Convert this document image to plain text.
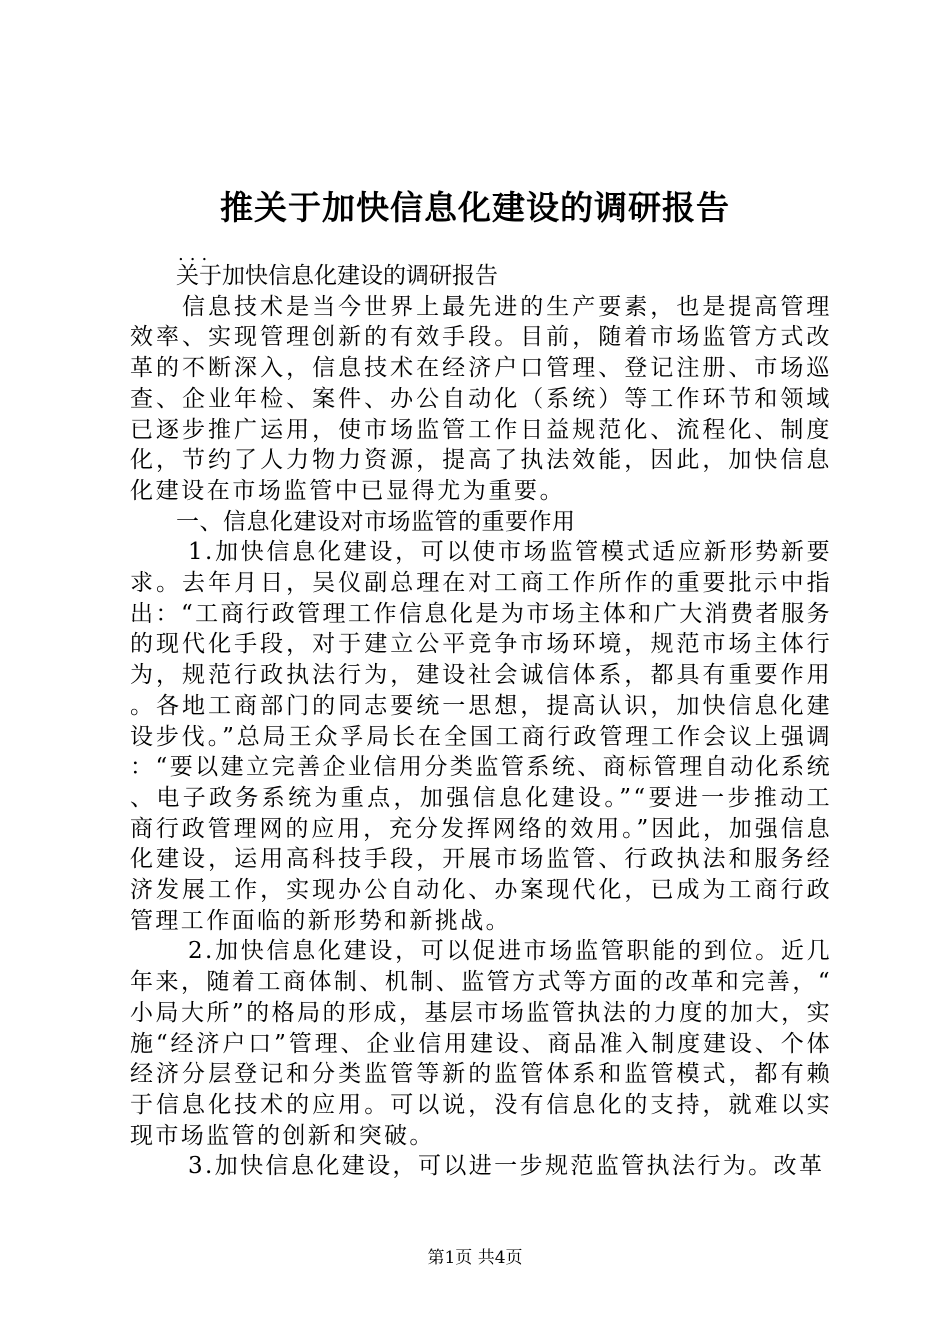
推关于加快信息化建设的调研报告
...

关于加快信息化建设的调研报告

信息技术是当今世界上最先进的生产要素，也是提高管理效率、实现管理创新的有效手段。目前，随着市场监管方式改革的不断深入，信息技术在经济户口管理、登记注册、市场巡查、企业年检、案件、办公自动化（系统）等工作环节和领域已逐步推广运用，使市场监管工作日益规范化、流程化、制度化，节约了人力物力资源，提高了执法效能，因此，加快信息化建设在市场监管中已显得尤为重要。

一、信息化建设对市场监管的重要作用

1.加快信息化建设，可以使市场监管模式适应新形势新要求。去年月日，吴仪副总理在对工商工作所作的重要批示中指出：“工商行政管理工作信息化是为市场主体和广大消费者服务的现代化手段，对于建立公平竞争市场环境，规范市场主体行为，规范行政执法行为，建设社会诚信体系，都具有重要作用。各地工商部门的同志要统一思想，提高认识，加快信息化建设步伐。”总局王众孚局长在全国工商行政管理工作会议上强调：“要以建立完善企业信用分类监管系统、商标管理自动化系统、电子政务系统为重点，加强信息化建设。”“要进一步推动工商行政管理网的应用，充分发挥网络的效用。”因此，加强信息化建设，运用高科技手段，开展市场监管、行政执法和服务经济发展工作，实现办公自动化、办案现代化，已成为工商行政管理工作面临的新形势和新挑战。

2.加快信息化建设，可以促进市场监管职能的到位。近几年来，随着工商体制、机制、监管方式等方面的改革和完善，“小局大所”的格局的形成，基层市场监管执法的力度的加大，实施“经济户口”管理、企业信用建设、商品准入制度建设、个体经济分层登记和分类监管等新的监管体系和监管模式，都有赖于信息化技术的应用。可以说，没有信息化的支持，就难以实现市场监管的创新和突破。

3.加快信息化建设，可以进一步规范监管执法行为。改革

第1页 共4页
